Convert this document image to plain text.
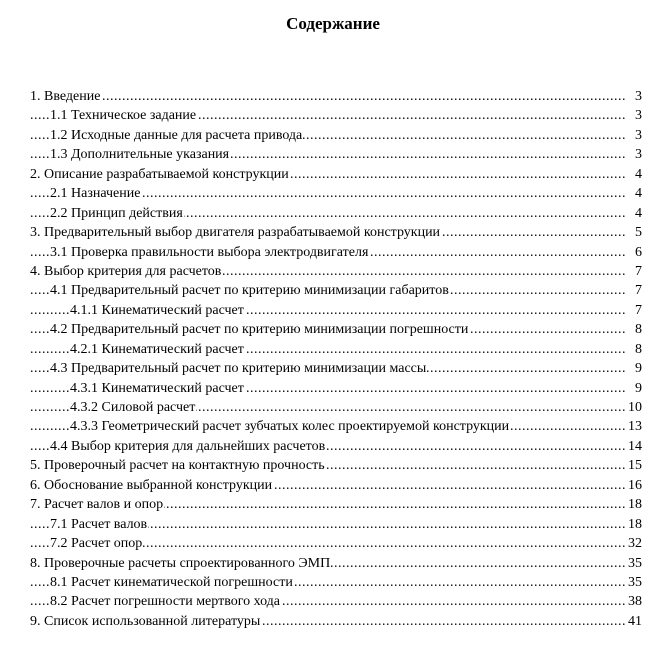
Содержание
..... 1. Введение	3
..... 1.1 Техническое задание	3
..... 1.2 Исходные данные для расчета привода	3
..... 1.3 Дополнительные указания	3
..... 2. Описание разрабатываемой конструкции	4
..... 2.1 Назначение	4
..... 2.2 Принцип действия	4
..... 3. Предварительный выбор двигателя разрабатываемой конструкции	5
..... 3.1 Проверка правильности выбора электродвигателя	6
..... 4. Выбор критерия для расчетов	7
..... 4.1 Предварительный расчет по критерию минимизации габаритов	7
..... 4.1.1 Кинематический расчет	7
..... 4.2 Предварительный расчет по критерию минимизации погрешности	8
..... 4.2.1 Кинематический расчет	8
..... 4.3 Предварительный расчет по критерию минимизации массы	9
..... 4.3.1 Кинематический расчет	9
..... 4.3.2 Силовой расчет	10
..... 4.3.3 Геометрический расчет зубчатых колес проектируемой конструкции	13
..... 4.4 Выбор критерия для дальнейших расчетов	14
..... 5. Проверочный расчет на контактную прочность	15
..... 6. Обоснование выбранной конструкции	16
..... 7. Расчет валов и опор	18
..... 7.1 Расчет валов	18
..... 7.2 Расчет опор	32
..... 8. Проверочные расчеты спроектированного ЭМП	35
..... 8.1 Расчет кинематической погрешности	35
..... 8.2 Расчет погрешности мертвого хода	38
..... 9. Список использованной литературы	41
